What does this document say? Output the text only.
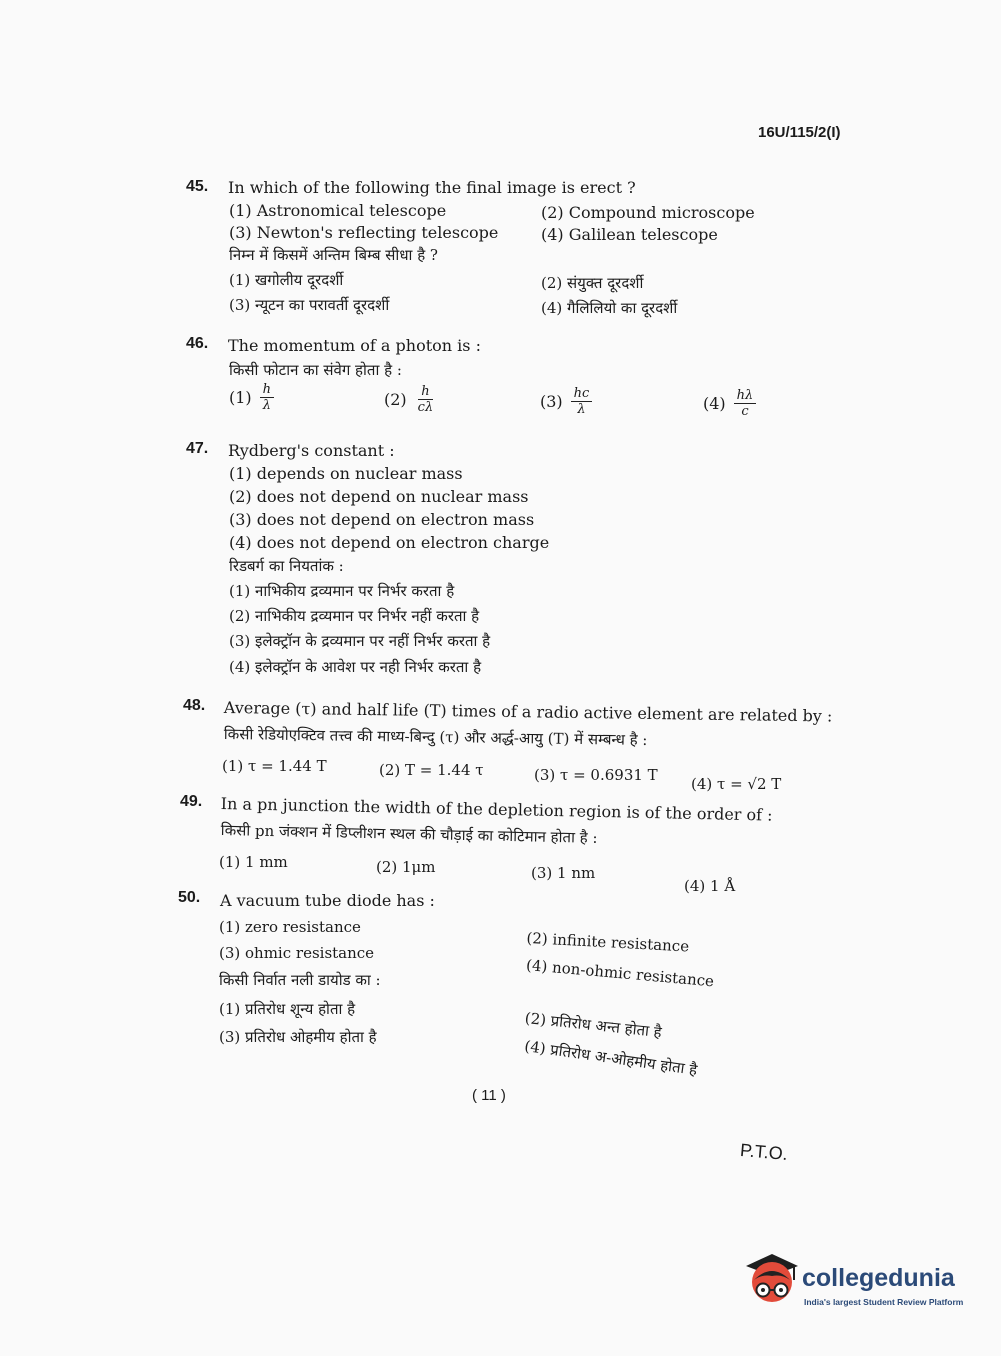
16U/115/2(I)
45. In which of the following the final image is erect ?
(1) Astronomical telescope	(2) Compound microscope
(3) Newton's reflecting telescope	(4) Galilean telescope
निम्न में किसमें अन्तिम बिम्ब सीधा है ?
(1) खगोलीय दूरदर्शी	(2) संयुक्त दूरदर्शी
(3) न्यूटन का परावर्ती दूरदर्शी	(4) गैलिलियो का दूरदर्शी
46. The momentum of a photon is :
किसी फोटान का संवेग होता है :
$(1) \frac{h}{\lambda}$	$(2) \frac{h}{c\lambda}$	$(3) \frac{hc}{\lambda}$	$(4) \frac{h\lambda}{c}$
47. Rydberg's constant :
(1) depends on nuclear mass
(2) does not depend on nuclear mass
(3) does not depend on electron mass
(4) does not depend on electron charge
रिडबर्ग का नियतांक :
(1) नाभिकीय द्रव्यमान पर निर्भर करता है
(2) नाभिकीय द्रव्यमान पर निर्भर नहीं करता है
(3) इलेक्ट्रॉन के द्रव्यमान पर नहीं निर्भर करता है
(4) इलेक्ट्रॉन के आवेश पर नही निर्भर करता है
48. Average (τ) and half life (T) times of a radio active element are related by :
किसी रेडियोएक्टिव तत्त्व की माध्य-बिन्दु (τ) और अर्द्ध-आयु (T) में सम्बन्ध है :
(1) τ = 1.44 T	(2) T = 1.44 τ	(3) τ = 0.6931 T (4) τ = √2 T
49. In a pn junction the width of the depletion region is of the order of :
किसी pn जंक्शन में डिप्लीशन स्थल की चौड़ाई का कोटिमान होता है :
(1) 1 mm	(2) 1μm	(3) 1 nm
(4) 1 Å
50. A vacuum tube diode has :
(1) zero resistance
(2) infinite resistance
(3) ohmic resistance
(4) non-ohmic resistance
किसी निर्वात नली डायोड का :
(1) प्रतिरोध शून्य होता है	(2) प्रतिरोध अन्त होता है
(3) प्रतिरोध ओहमीय होता है	(4) प्रतिरोध अ-ओहमीय होता है
( 11 )
P.T.O.
collegedunia
India's largest Student Review Platform
